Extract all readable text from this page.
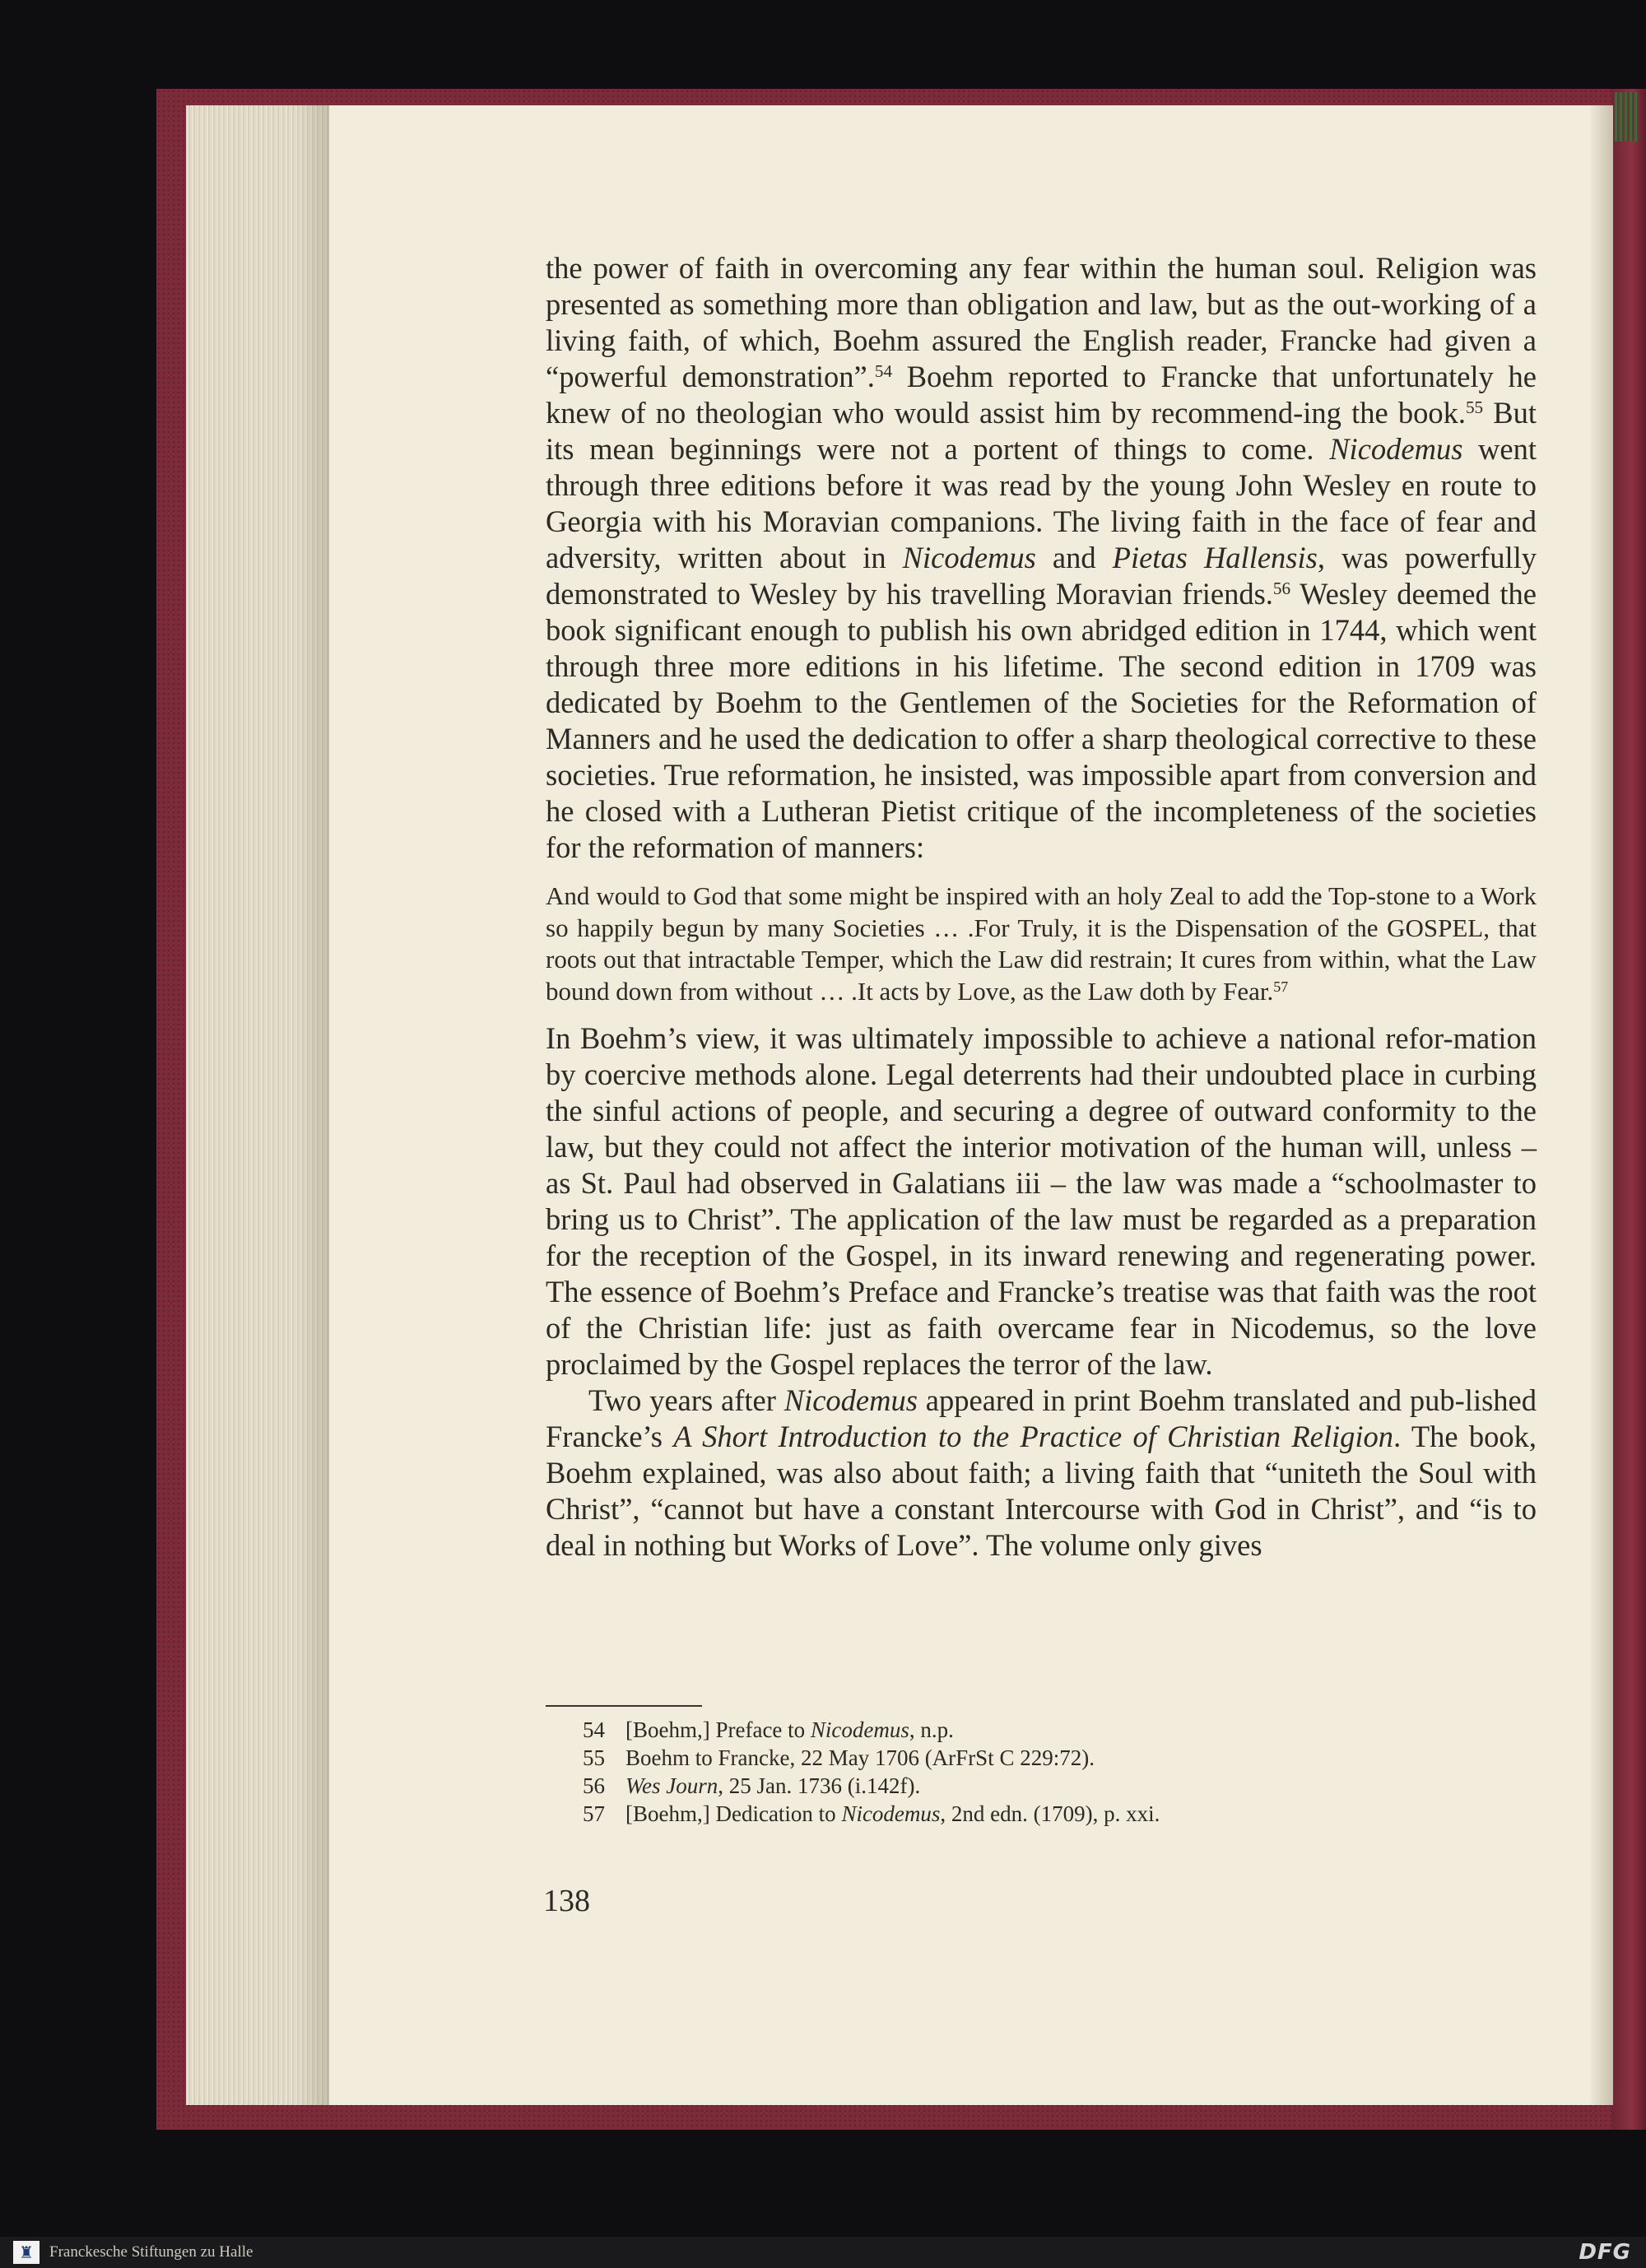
the power of faith in overcoming any fear within the human soul. Religion was presented as something more than obligation and law, but as the out-working of a living faith, of which, Boehm assured the English reader, Francke had given a “powerful demonstration”.$^{54}$ Boehm reported to Francke that unfortunately he knew of no theologian who would assist him by recommend-ing the book.$^{55}$ But its mean beginnings were not a portent of things to come. Nicodemus went through three editions before it was read by the young John Wesley en route to Georgia with his Moravian companions. The living faith in the face of fear and adversity, written about in Nicodemus and Pietas Hallensis, was powerfully demonstrated to Wesley by his travelling Moravian friends.$^{56}$ Wesley deemed the book significant enough to publish his own abridged edition in 1744, which went through three more editions in his lifetime. The second edition in 1709 was dedicated by Boehm to the Gentlemen of the Societies for the Reformation of Manners and he used the dedication to offer a sharp theological corrective to these societies. True reformation, he insisted, was impossible apart from conversion and he closed with a Lutheran Pietist critique of the incompleteness of the societies for the reformation of manners:

And would to God that some might be inspired with an holy Zeal to add the Top-stone to a Work so happily begun by many Societies … .For Truly, it is the Dispensation of the GOSPEL, that roots out that intractable Temper, which the Law did restrain; It cures from within, what the Law bound down from without … .It acts by Love, as the Law doth by Fear.$^{57}$

In Boehm’s view, it was ultimately impossible to achieve a national refor-mation by coercive methods alone. Legal deterrents had their undoubted place in curbing the sinful actions of people, and securing a degree of outward conformity to the law, but they could not affect the interior motivation of the human will, unless – as St. Paul had observed in Galatians iii – the law was made a “schoolmaster to bring us to Christ”. The application of the law must be regarded as a preparation for the reception of the Gospel, in its inward renewing and regenerating power. The essence of Boehm’s Preface and Francke’s treatise was that faith was the root of the Christian life: just as faith overcame fear in Nicodemus, so the love proclaimed by the Gospel replaces the terror of the law.

Two years after Nicodemus appeared in print Boehm translated and pub-lished Francke’s A Short Introduction to the Practice of Christian Religion. The book, Boehm explained, was also about faith; a living faith that “uniteth the Soul with Christ”, “cannot but have a constant Intercourse with God in Christ”, and “is to deal in nothing but Works of Love”. The volume only gives

54 [Boehm,] Preface to Nicodemus, n.p.
55 Boehm to Francke, 22 May 1706 (ArFrSt C 229:72).
56 Wes Journ, 25 Jan. 1736 (i.142f).
57 [Boehm,] Dedication to Nicodemus, 2nd edn. (1709), p. xxi.
138
♜	Franckesche Stiftungen zu Halle	DFG
